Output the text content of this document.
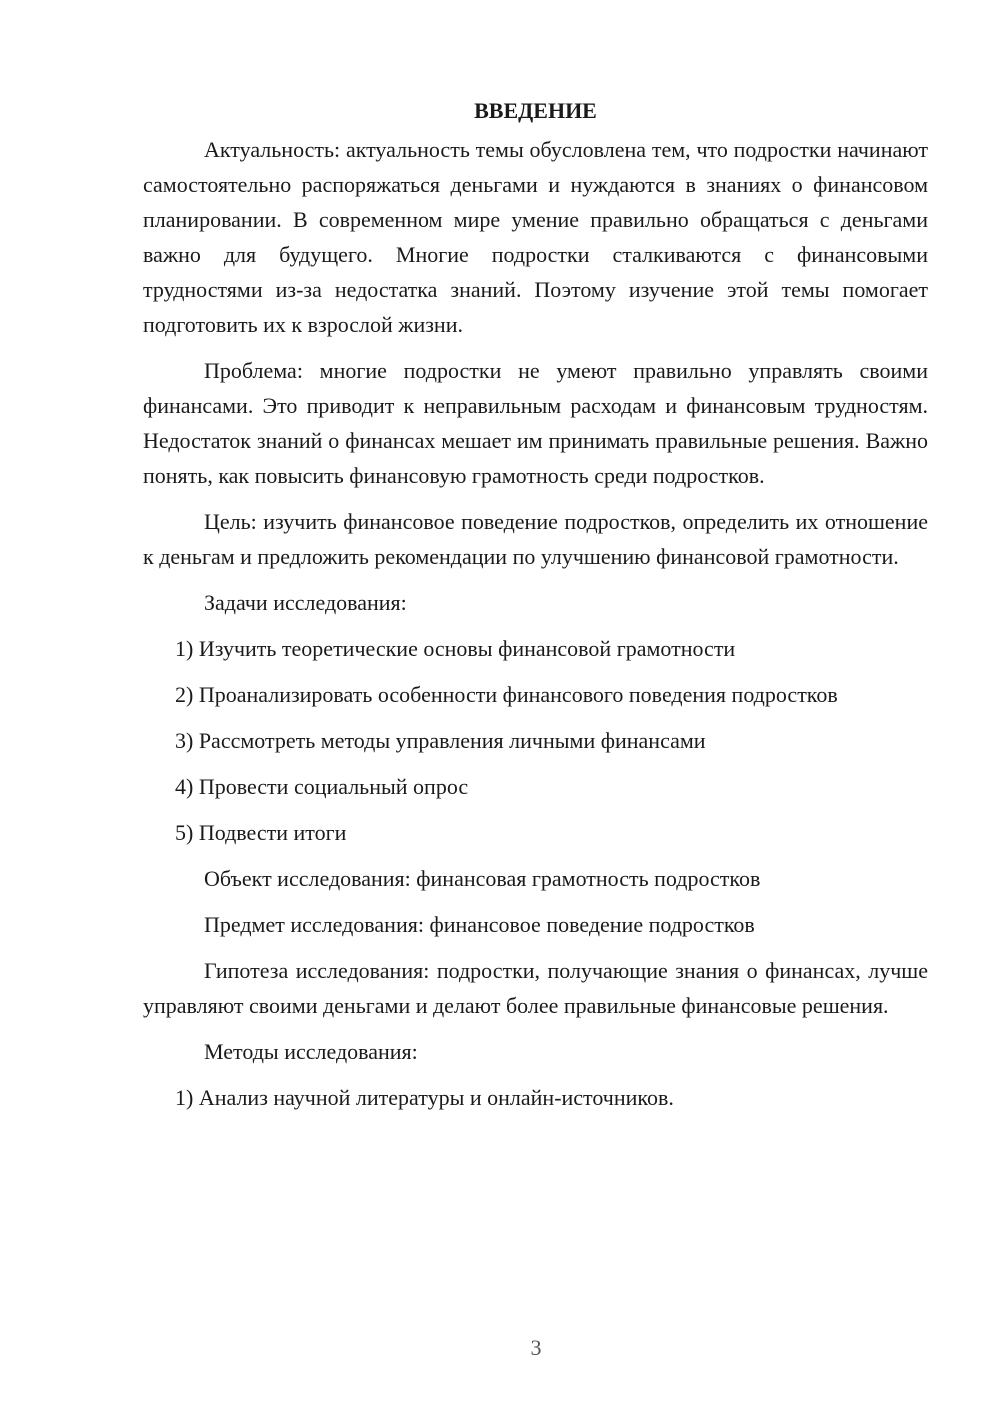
ВВЕДЕНИЕ

Актуальность: актуальность темы обусловлена тем, что подростки начинают самостоятельно распоряжаться деньгами и нуждаются в знаниях о финансовом планировании. В современном мире умение правильно обращаться с деньгами важно для будущего. Многие подростки сталкиваются с финансовыми трудностями из-за недостатка знаний. Поэтому изучение этой темы помогает подготовить их к взрослой жизни.

Проблема: многие подростки не умеют правильно управлять своими финансами. Это приводит к неправильным расходам и финансовым трудностям. Недостаток знаний о финансах мешает им принимать правильные решения. Важно понять, как повысить финансовую грамотность среди подростков.

Цель: изучить финансовое поведение подростков, определить их отношение к деньгам и предложить рекомендации по улучшению финансовой грамотности.

Задачи исследования:

1) Изучить теоретические основы финансовой грамотности
2) Проанализировать особенности финансового поведения подростков
3) Рассмотреть методы управления личными финансами
4) Провести социальный опрос
5) Подвести итоги

Объект исследования: финансовая грамотность подростков

Предмет исследования: финансовое поведение подростков

Гипотеза исследования: подростки, получающие знания о финансах, лучше управляют своими деньгами и делают более правильные финансовые решения.

Методы исследования:

1) Анализ научной литературы и онлайн-источников.
3
